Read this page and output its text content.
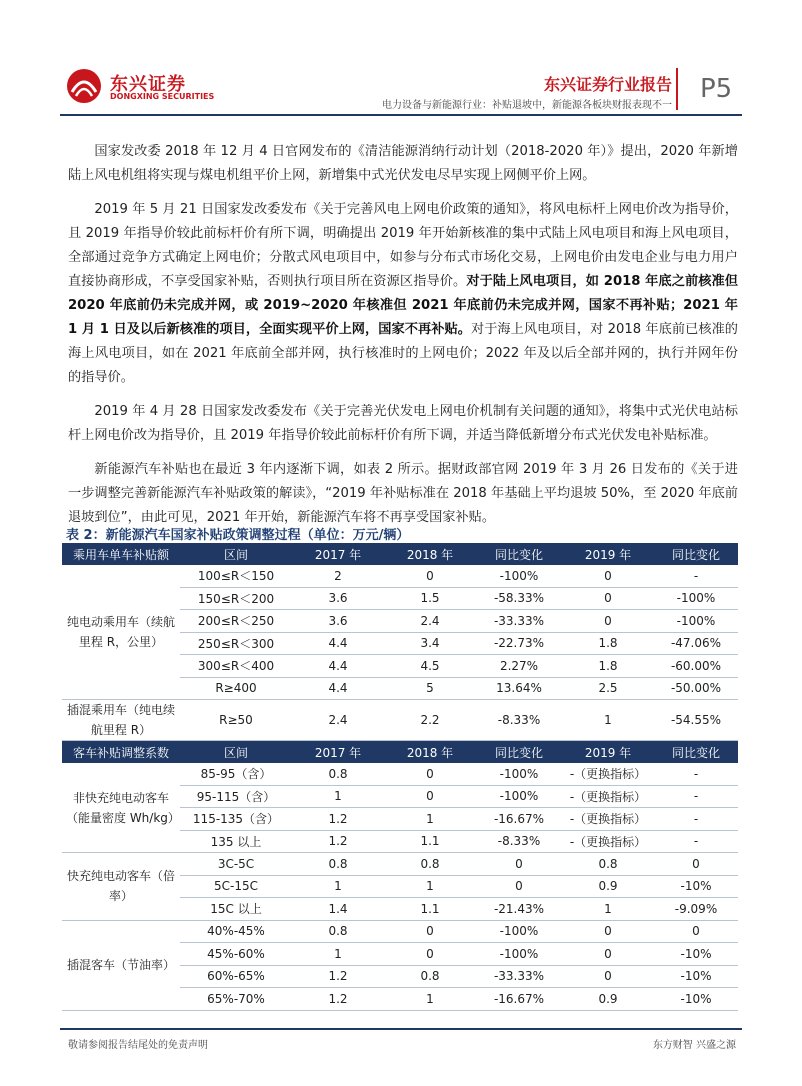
东兴证券
DONGXING SECURITIES
东兴证券行业报告
电力设备与新能源行业：补贴退坡中，新能源各板块财报表现不一
P5

国家发改委 2018 年 12 月 4 日官网发布的《清洁能源消纳行动计划（2018-2020 年）》提出，2020 年新增陆上风电机组将实现与煤电机组平价上网，新增集中式光伏发电尽早实现上网侧平价上网。

2019 年 5 月 21 日国家发改委发布《关于完善风电上网电价政策的通知》，将风电标杆上网电价改为指导价，且 2019 年指导价较此前标杆价有所下调，明确提出 2019 年开始新核准的集中式陆上风电项目和海上风电项目，全部通过竞争方式确定上网电价；分散式风电项目中，如参与分布式市场化交易，上网电价由发电企业与电力用户直接协商形成，不享受国家补贴，否则执行项目所在资源区指导价。对于陆上风电项目，如 2018 年底之前核准但 2020 年底前仍未完成并网，或 2019~2020 年核准但 2021 年底前仍未完成并网，国家不再补贴；2021 年 1 月 1 日及以后新核准的项目，全面实现平价上网，国家不再补贴。对于海上风电项目，对 2018 年底前已核准的海上风电项目，如在 2021 年底前全部并网，执行核准时的上网电价；2022 年及以后全部并网的，执行并网年份的指导价。

2019 年 4 月 28 日国家发改委发布《关于完善光伏发电上网电价机制有关问题的通知》，将集中式光伏电站标杆上网电价改为指导价，且 2019 年指导价较此前标杆价有所下调，并适当降低新增分布式光伏发电补贴标准。

新能源汽车补贴也在最近 3 年内逐渐下调，如表 2 所示。据财政部官网 2019 年 3 月 26 日发布的《关于进一步调整完善新能源汽车补贴政策的解读》，“2019 年补贴标准在 2018 年基础上平均退坡 50%，至 2020 年底前退坡到位”，由此可见，2021 年开始，新能源汽车将不再享受国家补贴。

表 2：新能源汽车国家补贴政策调整过程（单位：万元/辆）
乘用车单车补贴额	区间	2017 年	2018 年	同比变化	2019 年	同比变化
纯电动乘用车（续航里程 R，公里）	100≤R＜150	2	0	-100%	0	-
	150≤R＜200	3.6	1.5	-58.33%	0	-100%
	200≤R＜250	3.6	2.4	-33.33%	0	-100%
	250≤R＜300	4.4	3.4	-22.73%	1.8	-47.06%
	300≤R＜400	4.4	4.5	2.27%	1.8	-60.00%
	R≥400	4.4	5	13.64%	2.5	-50.00%
插混乘用车（纯电续航里程 R）	R≥50	2.4	2.2	-8.33%	1	-54.55%
客车补贴调整系数	区间	2017 年	2018 年	同比变化	2019 年	同比变化
非快充纯电动客车（能量密度 Wh/kg）	85-95（含）	0.8	0	-100%	-（更换指标）	-
	95-115（含）	1	0	-100%	-（更换指标）	-
	115-135（含）	1.2	1	-16.67%	-（更换指标）	-
	135 以上	1.2	1.1	-8.33%	-（更换指标）	-
快充纯电动客车（倍率）	3C-5C	0.8	0.8	0	0.8	0
	5C-15C	1	1	0	0.9	-10%
	15C 以上	1.4	1.1	-21.43%	1	-9.09%
插混客车（节油率）	40%-45%	0.8	0	-100%	0	0
	45%-60%	1	0	-100%	0	-10%
	60%-65%	1.2	0.8	-33.33%	0	-10%
	65%-70%	1.2	1	-16.67%	0.9	-10%
敬请参阅报告结尾处的免责声明	东方财智 兴盛之源
